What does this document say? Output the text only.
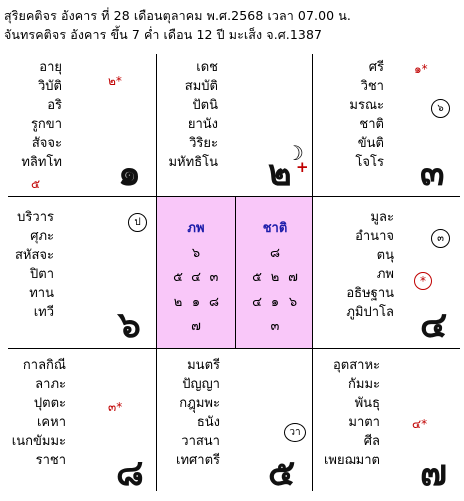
สุริยคติจร อังคาร ที่ 28 เดือนตุลาคม พ.ศ.2568 เวลา 07.00 น.
จันทรคติจร อังคาร ขึ้น 7 ค่ำ เดือน 12 ปี มะเส็ง จ.ศ.1387
อายุ
วิบัติ
อริ
รูกขา
สัจจะ
ทลิทโท
๕
๒*
๑
เดช
สมบัติ
ปัตนิ
ยานัง
วิริยะ
มหัทธิโน	☽
๒ +
ศรี
วิชา
มรณะ
ชาติ
ขันติ
โจโร
๑*
๖
๓
บริวาร
ศุภะ
สหัสจะ
ปิตา
ทาน
เทวี
ป
๖
ภพ
๖
๕ ๔ ๓
๒ ๑ ๘
๗
ชาติ
๘
๕ ๒ ๗
๔ ๑ ๖
๓
มูละ
อำนาจ
ตนุ
ภพ
อธิษฐาน
ภูมิปาโล
๓
*
๔
กาลกิณี
ลาภะ
ปุตตะ
เคหา
เนกขัมมะ
ราชา
๓*
๘
มนตรี
ปัญญา
กฎุมพะ
ธนัง
วาสนา
เทศาตรี
วา
๕
อุตสาหะ
กัมมะ
พันธุ
มาตา
ศีล
เพยฌมาต
๔*
๗
